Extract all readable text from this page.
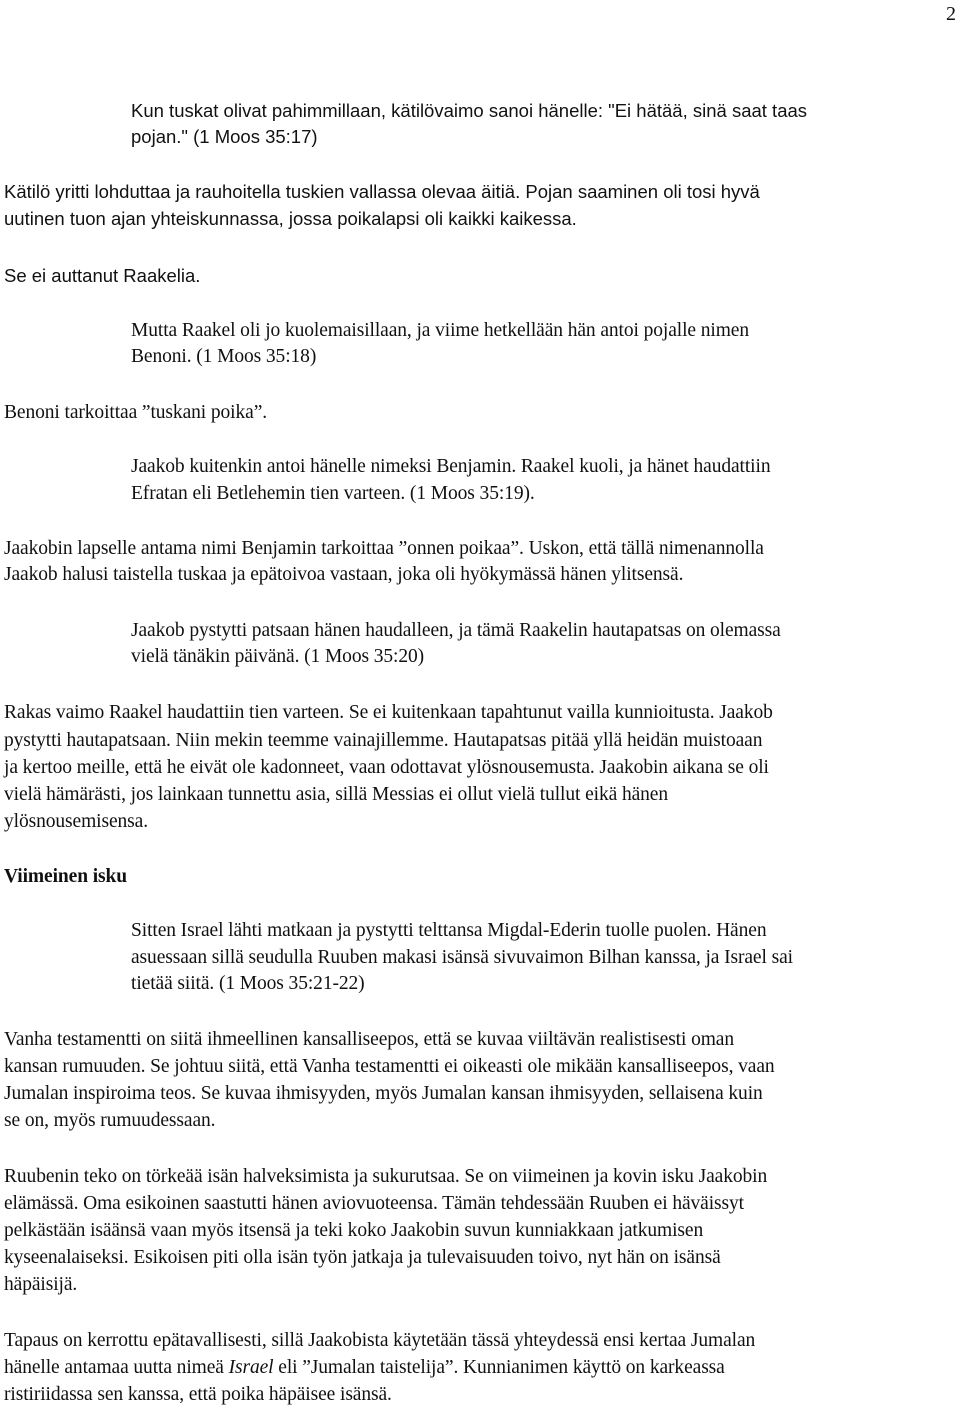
2

Kun tuskat olivat pahimmillaan, kätilövaimo sanoi hänelle: "Ei hätää, sinä saat taas

pojan." (1 Moos 35:17)

Kätilö yritti lohduttaa ja rauhoitella tuskien vallassa olevaa äitiä. Pojan saaminen oli tosi hyvä

uutinen tuon ajan yhteiskunnassa, jossa poikalapsi oli kaikki kaikessa.

Se ei auttanut Raakelia.

Mutta Raakel oli jo kuolemaisillaan, ja viime hetkellään hän antoi pojalle nimen

Benoni. (1 Moos 35:18)

Benoni tarkoittaa ”tuskani poika”.

Jaakob kuitenkin antoi hänelle nimeksi Benjamin. Raakel kuoli, ja hänet haudattiin

Efratan eli Betlehemin tien varteen. (1 Moos 35:19).

Jaakobin lapselle antama nimi Benjamin tarkoittaa ”onnen poikaa”. Uskon, että tällä nimenannolla

Jaakob halusi taistella tuskaa ja epätoivoa vastaan, joka oli hyökymässä hänen ylitsensä.

Jaakob pystytti patsaan hänen haudalleen, ja tämä Raakelin hautapatsas on olemassa

vielä tänäkin päivänä. (1 Moos 35:20)

Rakas vaimo Raakel haudattiin tien varteen. Se ei kuitenkaan tapahtunut vailla kunnioitusta. Jaakob

pystytti hautapatsaan. Niin mekin teemme vainajillemme. Hautapatsas pitää yllä heidän muistoaan

ja kertoo meille, että he eivät ole kadonneet, vaan odottavat ylösnousemusta. Jaakobin aikana se oli

vielä hämärästi, jos lainkaan tunnettu asia, sillä Messias ei ollut vielä tullut eikä hänen

ylösnousemisensa.

Viimeinen isku

Sitten Israel lähti matkaan ja pystytti telttansa Migdal-Ederin tuolle puolen. Hänen

asuessaan sillä seudulla Ruuben makasi isänsä sivuvaimon Bilhan kanssa, ja Israel sai

tietää siitä. (1 Moos 35:21-22)

Vanha testamentti on siitä ihmeellinen kansalliseepos, että se kuvaa viiltävän realistisesti oman

kansan rumuuden. Se johtuu siitä, että Vanha testamentti ei oikeasti ole mikään kansalliseepos, vaan

Jumalan inspiroima teos. Se kuvaa ihmisyyden, myös Jumalan kansan ihmisyyden, sellaisena kuin

se on, myös rumuudessaan.

Ruubenin teko on törkeää isän halveksimista ja sukurutsaa. Se on viimeinen ja kovin isku Jaakobin

elämässä. Oma esikoinen saastutti hänen aviovuoteensa. Tämän tehdessään Ruuben ei häväissyt

pelkästään isäänsä vaan myös itsensä ja teki koko Jaakobin suvun kunniakkaan jatkumisen

kyseenalaiseksi. Esikoisen piti olla isän työn jatkaja ja tulevaisuuden toivo, nyt hän on isänsä

häpäisijä.

Tapaus on kerrottu epätavallisesti, sillä Jaakobista käytetään tässä yhteydessä ensi kertaa Jumalan

hänelle antamaa uutta nimeä Israel eli ”Jumalan taistelija”. Kunnianimen käyttö on karkeassa

ristiriidassa sen kanssa, että poika häpäisee isänsä.
